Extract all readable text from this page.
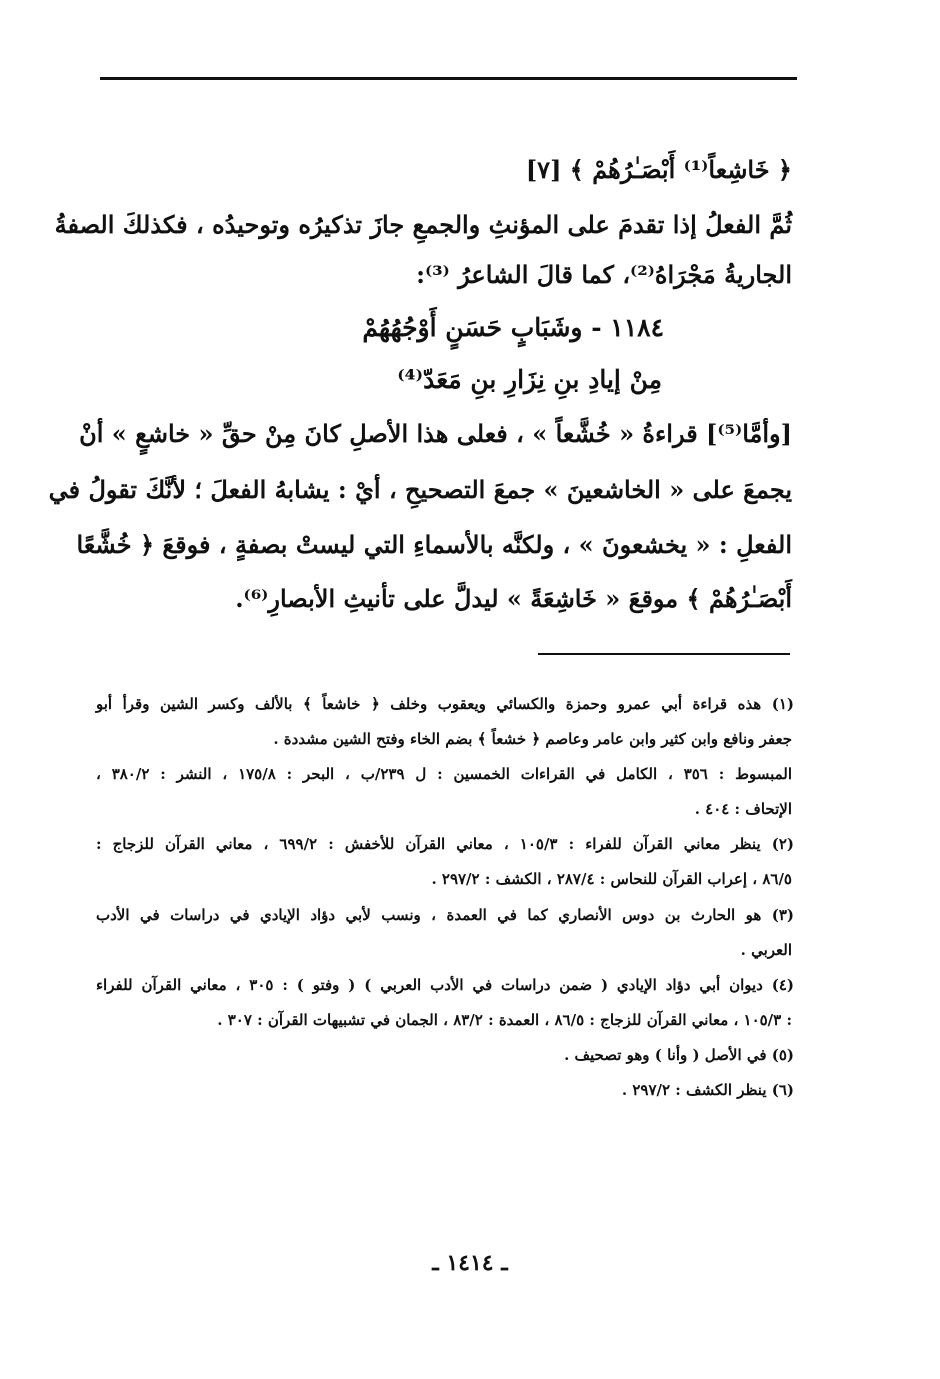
﴿ خَاشِعاً⁽¹⁾ أَبْصَـٰرُهُمْ ﴾ [٧]
ثُمَّ الفعلُ إذا تقدمَ على المؤنثِ والجمعِ جازَ تذكيرُه وتوحيدُه ، فكذلكَ الصفةُ
الجاريةُ مَجْرَاهُ⁽²⁾، كما قالَ الشاعرُ ⁽³⁾:
١١٨٤ - وشَبَابٍ حَسَنٍ أَوْجُهُهُمْ
مِنْ إيادِ بنِ نِزَارِ بنِ مَعَدّ⁽⁴⁾
[وأمَّا⁽⁵⁾] قراءةُ « خُشَّعاً » ، فعلى هذا الأصلِ كانَ مِنْ حقِّ « خاشعٍ » أنْ
يجمعَ على « الخاشعينَ » جمعَ التصحيحِ ، أيْ : يشابهُ الفعلَ ؛ لأنَّكَ تقولُ في
الفعلِ : « يخشعونَ » ، ولكنَّه بالأسماءِ التي ليستْ بصفةٍ ، فوقعَ ﴿ خُشَّعًا
أَبْصَـٰرُهُمْ ﴾ موقعَ « خَاشِعَةً » ليدلَّ على تأنيثِ الأبصارِ⁽⁶⁾.
(١) هذه قراءة أبي عمرو وحمزة والكسائي ويعقوب وخلف ﴿ خاشعاً ﴾ بالألف وكسر الشين وقرأ أبو
جعفر ونافع وابن كثير وابن عامر وعاصم ﴿ خشعاً ﴾ بضم الخاء وفتح الشين مشددة .
المبسوط : ٣٥٦ ، الكامل في القراءات الخمسين : ل ٢٣٩/ب ، البحر : ١٧٥/٨ ، النشر : ٣٨٠/٢ ،
الإتحاف : ٤٠٤ .
(٢) ينظر معاني القرآن للفراء : ١٠٥/٣ ، معاني القرآن للأخفش : ٦٩٩/٢ ، معاني القرآن للزجاج :
٨٦/٥ ، إعراب القرآن للنحاس : ٢٨٧/٤ ، الكشف : ٢٩٧/٢ .
(٣) هو الحارث بن دوس الأنصاري كما في العمدة ، ونسب لأبي دؤاد الإيادي في دراسات في الأدب
العربي .
(٤) ديوان أبي دؤاد الإيادي ( ضمن دراسات في الأدب العربي ) ( وفتو ) : ٣٠٥ ، معاني القرآن للفراء
: ١٠٥/٣ ، معاني القرآن للزجاج : ٨٦/٥ ، العمدة : ٨٣/٢ ، الجمان في تشبيهات القرآن : ٣٠٧ .
(٥) في الأصل ( وأنا ) وهو تصحيف .
(٦) ينظر الكشف : ٢٩٧/٢ .
ـ ١٤١٤ ـ
